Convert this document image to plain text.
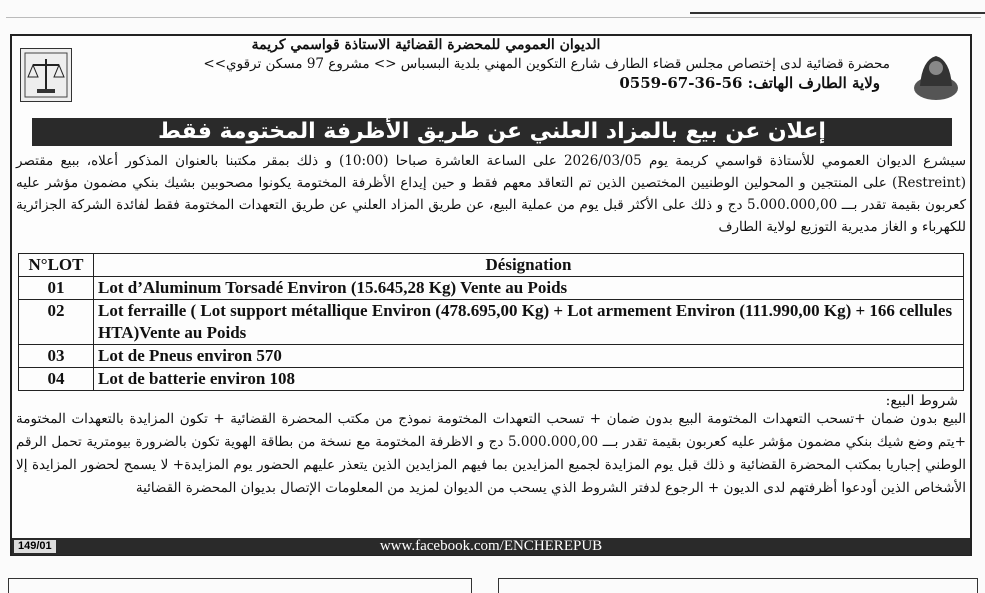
الديوان العمومي للمحضرة القضائية الاستاذة قواسمي كريمة
محضرة قضائية لدى إختصاص مجلس قضاء الطارف شارع التكوين المهني بلدية البسباس <> مشروع 97 مسكن ترقوي>>
ولاية الطارف الهاتف: 56-36-67-0559
إعلان عن بيع بالمزاد العلني عن طريق الأظرفة المختومة فقط
سيشرع الديوان العمومي للأستاذة قواسمي كريمة يوم 2026/03/05 على الساعة العاشرة صباحا (10:00) و ذلك بمقر مكتبنا بالعنوان المذكور أعلاه، ببيع مقتصر (Restreint) على المنتجين و المحولين الوطنيين المختصين الذين تم التعاقد معهم فقط و حين إيداع الأظرفة المختومة يكونوا مصحوبين بشيك بنكي مضمون مؤشر عليه كعربون بقيمة تقدر بـــ 5.000.000,00 دج و ذلك على الأكثر قبل يوم من عملية البيع، عن طريق المزاد العلني عن طريق التعهدات المختومة فقط لفائدة الشركة الجزائرية للكهرباء و الغاز مديرية التوزيع لولاية الطارف
N°LOT	Désignation
01	Lot d’Aluminum Torsadé Environ (15.645,28 Kg) Vente au Poids
02	Lot ferraille ( Lot support métallique Environ (478.695,00 Kg) + Lot armement Environ (111.990,00 Kg) + 166 cellules HTA)Vente au Poids
03	Lot de Pneus environ 570
04	Lot de batterie environ 108
شروط البيع:
البيع بدون ضمان +تسحب التعهدات المختومة البيع بدون ضمان + تسحب التعهدات المختومة نموذج من مكتب المحضرة القضائية + تكون المزايدة بالتعهدات المختومة +يتم وضع شيك بنكي مضمون مؤشر عليه كعربون بقيمة تقدر بـــ 5.000.000,00 دج و الاظرفة المختومة مع نسخة من بطاقة الهوية تكون بالضرورة بيومترية تحمل الرقم الوطني إجباريا بمكتب المحضرة القضائية و ذلك قبل يوم المزايدة لجميع المزايدين بما فيهم المزايدين الذين يتعذر عليهم الحضور يوم المزايدة+ لا يسمح لحضور المزايدة إلا الأشخاص الذين أودعوا أظرفتهم لدى الديون + الرجوع لدفتر الشروط الذي يسحب من الديوان لمزيد من المعلومات الإتصال بديوان المحضرة القضائية
149/01	www.facebook.com/ENCHEREPUB
